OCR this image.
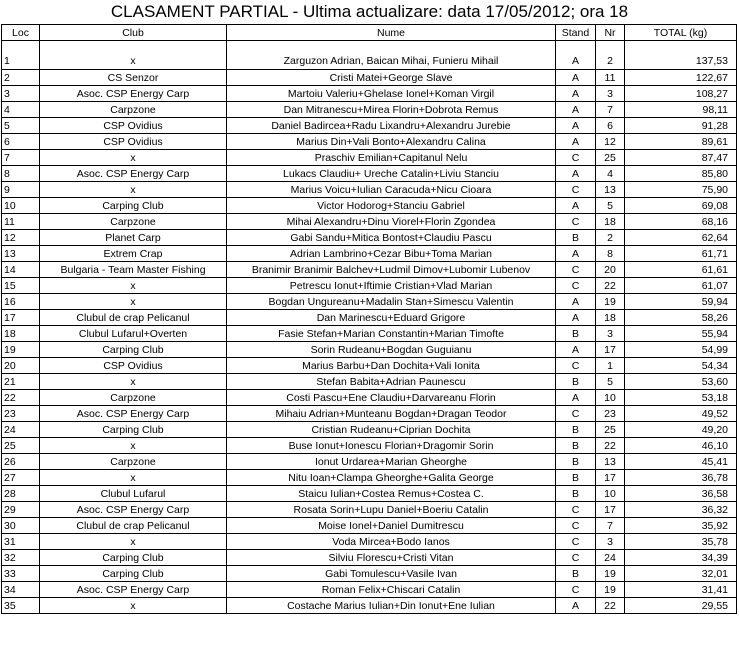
CLASAMENT PARTIAL - Ultima actualizare: data 17/05/2012; ora 18
Loc	Club	Nume	Stand	Nr	TOTAL (kg)
1	x	Zarguzon Adrian, Baican Mihai, Funieru Mihail	A	2	137,53
2	CS Senzor	Cristi Matei+George Slave	A	11	122,67
3	Asoc. CSP Energy Carp	Martoiu Valeriu+Ghelase Ionel+Koman Virgil	A	3	108,27
4	Carpzone	Dan Mitranescu+Mirea Florin+Dobrota Remus	A	7	98,11
5	CSP Ovidius	Daniel Badircea+Radu Lixandru+Alexandru Jurebie	A	6	91,28
6	CSP Ovidius	Marius Din+Vali Bonto+Alexandru Calina	A	12	89,61
7	x	Praschiv Emilian+Capitanul Nelu	C	25	87,47
8	Asoc. CSP Energy Carp	Lukacs Claudiu+ Ureche Catalin+Liviu Stanciu	A	4	85,80
9	x	Marius Voicu+Iulian Caracuda+Nicu Cioara	C	13	75,90
10	Carping Club	Victor Hodorog+Stanciu Gabriel	A	5	69,08
11	Carpzone	Mihai Alexandru+Dinu Viorel+Florin Zgondea	C	18	68,16
12	Planet Carp	Gabi Sandu+Mitica Bontost+Claudiu Pascu	B	2	62,64
13	Extrem Crap	Adrian Lambrino+Cezar Bibu+Toma Marian	A	8	61,71
14	Bulgaria - Team Master Fishing	Branimir Branimir Balchev+Ludmil Dimov+Lubomir Lubenov	C	20	61,61
15	x	Petrescu Ionut+Iftimie Cristian+Vlad Marian	C	22	61,07
16	x	Bogdan Ungureanu+Madalin Stan+Simescu Valentin	A	19	59,94
17	Clubul de crap Pelicanul	Dan Marinescu+Eduard Grigore	A	18	58,26
18	Clubul Lufarul+Overten	Fasie Stefan+Marian Constantin+Marian Timofte	B	3	55,94
19	Carping Club	Sorin Rudeanu+Bogdan Guguianu	A	17	54,99
20	CSP Ovidius	Marius Barbu+Dan Dochita+Vali Ionita	C	1	54,34
21	x	Stefan Babita+Adrian Paunescu	B	5	53,60
22	Carpzone	Costi Pascu+Ene Claudiu+Darvareanu Florin	A	10	53,18
23	Asoc. CSP Energy Carp	Mihaiu Adrian+Munteanu Bogdan+Dragan Teodor	C	23	49,52
24	Carping Club	Cristian Rudeanu+Ciprian Dochita	B	25	49,20
25	x	Buse Ionut+Ionescu Florian+Dragomir Sorin	B	22	46,10
26	Carpzone	Ionut Urdarea+Marian Gheorghe	B	13	45,41
27	x	Nitu Ioan+Clampa Gheorghe+Galita George	B	17	36,78
28	Clubul Lufarul	Staicu Iulian+Costea Remus+Costea C.	B	10	36,58
29	Asoc. CSP Energy Carp	Rosata Sorin+Lupu Daniel+Boeriu Catalin	C	17	36,32
30	Clubul de crap Pelicanul	Moise Ionel+Daniel Dumitrescu	C	7	35,92
31	x	Voda Mircea+Bodo Ianos	C	3	35,78
32	Carping Club	Silviu Florescu+Cristi Vitan	C	24	34,39
33	Carping Club	Gabi Tomulescu+Vasile Ivan	B	19	32,01
34	Asoc. CSP Energy Carp	Roman Felix+Chiscari Catalin	C	19	31,41
35	x	Costache Marius Iulian+Din Ionut+Ene Iulian	A	22	29,55
